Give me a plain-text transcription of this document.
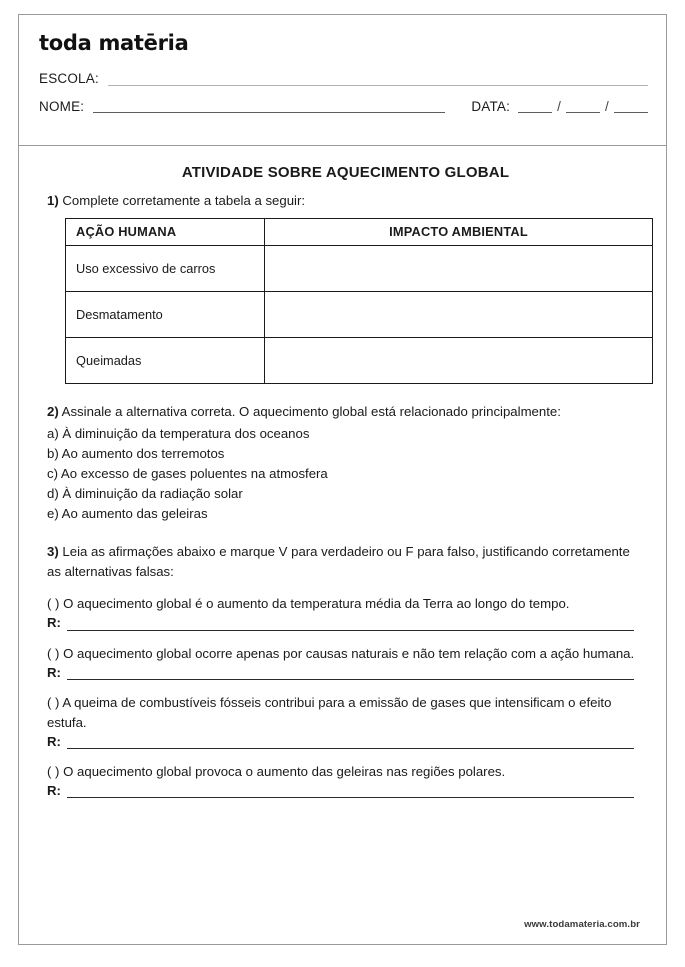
toda matēria
ESCOLA:
NOME:	DATA:	/	/
ATIVIDADE SOBRE AQUECIMENTO GLOBAL
1) Complete corretamente a tabela a seguir:
AÇÃO HUMANA	IMPACTO AMBIENTAL
Uso excessivo de carros	
Desmatamento	
Queimadas	
2) Assinale a alternativa correta. O aquecimento global está relacionado principalmente:
a) À diminuição da temperatura dos oceanos
b) Ao aumento dos terremotos
c) Ao excesso de gases poluentes na atmosfera
d) À diminuição da radiação solar
e) Ao aumento das geleiras
3) Leia as afirmações abaixo e marque V para verdadeiro ou F para falso, justificando corretamente as alternativas falsas:
( ) O aquecimento global é o aumento da temperatura média da Terra ao longo do tempo.
R:
( ) O aquecimento global ocorre apenas por causas naturais e não tem relação com a ação humana.
R:
( ) A queima de combustíveis fósseis contribui para a emissão de gases que intensificam o efeito estufa.
R:
( ) O aquecimento global provoca o aumento das geleiras nas regiões polares.
R:
www.todamateria.com.br
